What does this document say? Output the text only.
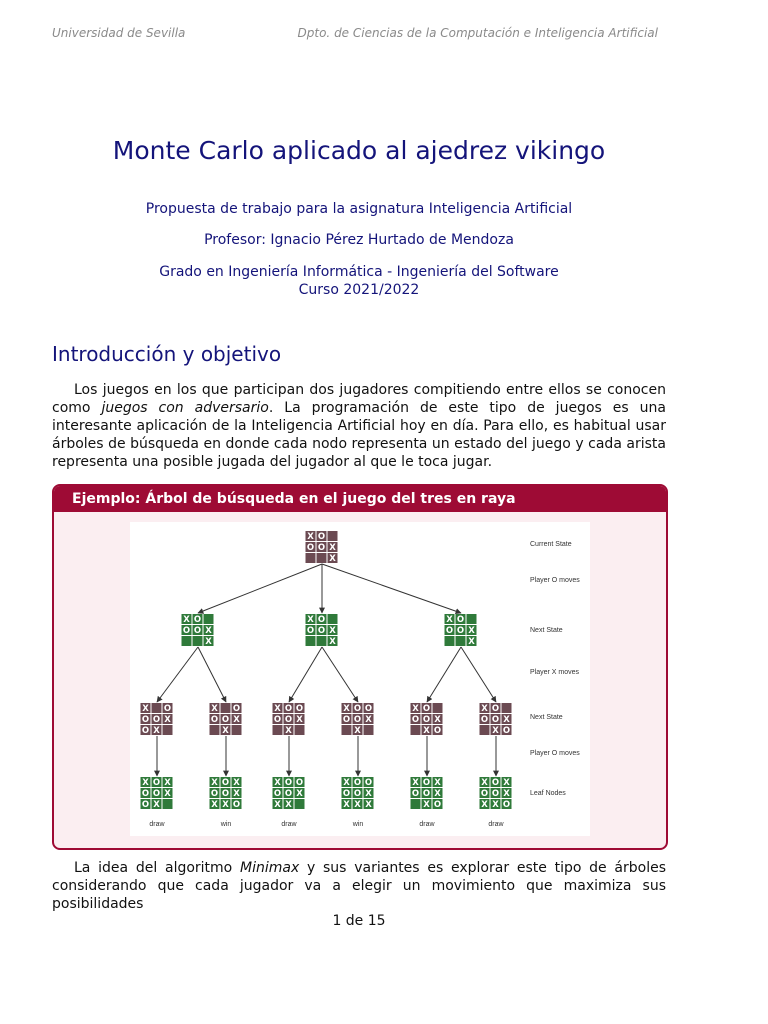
Universidad de Sevilla	Dpto. de Ciencias de la Computación e Inteligencia Artificial
Monte Carlo aplicado al ajedrez vikingo
Propuesta de trabajo para la asignatura Inteligencia Artificial
Profesor: Ignacio Pérez Hurtado de Mendoza
Grado en Ingeniería Informática - Ingeniería del Software
Curso 2021/2022
Introducción y objetivo
Los juegos en los que participan dos jugadores compitiendo entre ellos se conocen como juegos con adversario. La programación de este tipo de juegos es una interesante aplicación de la Inteligencia Artificial hoy en día. Para ello, es habitual usar árboles de búsqueda en donde cada nodo representa un estado del juego y cada arista representa una posible jugada del jugador al que le toca jugar.
Ejemplo: Árbol de búsqueda en el juego del tres en raya
X O
O O X
X
X O
O O X
X
X O
O O X
X
X O
O O X
X
X O
O O X
O X
X O
O O X
X
X O O
O O X
X
X O O
O O X
X
X O
O O X
X O
X O
O O X
X O
X O X
O O X
O X
X O X
O O X
X X O
X O O
O O X
X X
X O O
O O X
X X X
X O X
O O X
X O
X O X
O O X
X X O
Current State
Player O moves
Next State
Player X moves
Next State
Player O moves
Leaf Nodes
draw	win	draw	win	draw	draw
La idea del algoritmo Minimax y sus variantes es explorar este tipo de árboles considerando que cada jugador va a elegir un movimiento que maximiza sus posibilidades
1 de 15
